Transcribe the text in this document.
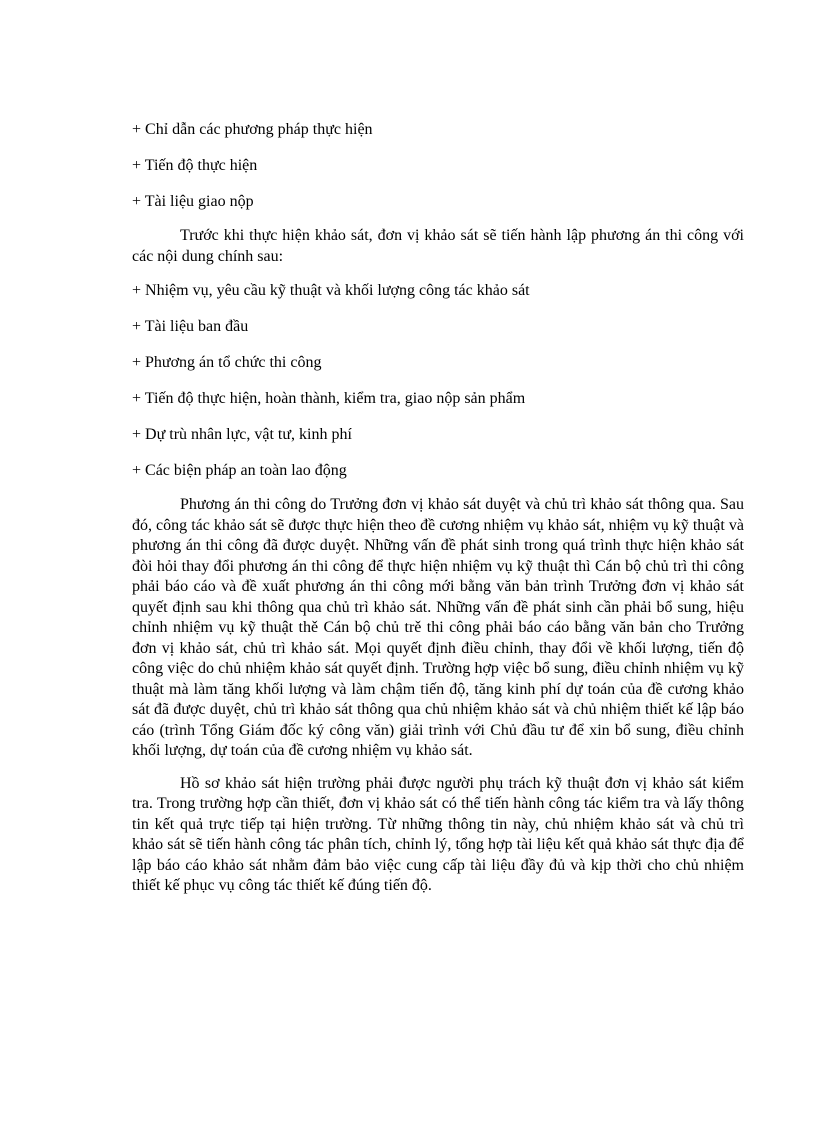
+ Chỉ dẫn các phương pháp thực hiện

+ Tiến độ thực hiện

+ Tài liệu giao nộp

Trước khi thực hiện khảo sát, đơn vị khảo sát sẽ tiến hành lập phương án thi công với các nội dung chính sau:

+ Nhiệm vụ, yêu cầu kỹ thuật và khối lượng công tác khảo sát

+ Tài liệu ban đầu

+ Phương án tổ chức thi công

+ Tiến độ thực hiện, hoàn thành, kiểm tra, giao nộp sản phẩm

+ Dự trù nhân lực, vật tư, kinh phí

+ Các biện pháp an toàn lao động

Phương án thi công do Trưởng đơn vị khảo sát duyệt và chủ trì khảo sát thông qua. Sau đó, công tác khảo sát sẽ được thực hiện theo đề cương nhiệm vụ khảo sát, nhiệm vụ kỹ thuật và phương án thi công đã được duyệt. Những vấn đề phát sinh trong quá trình thực hiện khảo sát đòi hỏi thay đổi phương án thi công để thực hiện nhiệm vụ kỹ thuật thì Cán bộ chủ trì thi công phải báo cáo và đề xuất phương án thi công mới bằng văn bản trình Trưởng đơn vị khảo sát quyết định sau khi thông qua chủ trì khảo sát. Những vấn đề phát sinh cần phải bổ sung, hiệu chỉnh nhiệm vụ kỹ thuật thě Cán bộ chủ trě thi công phải báo cáo bằng văn bản cho Trưởng đơn vị khảo sát, chủ trì khảo sát. Mọi quyết định điều chỉnh, thay đổi về khối lượng, tiến độ công việc do chủ nhiệm khảo sát quyết định. Trường hợp việc bổ sung, điều chỉnh nhiệm vụ kỹ thuật mà làm tăng khối lượng và làm chậm tiến độ, tăng kinh phí dự toán của đề cương khảo sát đã được duyệt, chủ trì khảo sát thông qua chủ nhiệm khảo sát và chủ nhiệm thiết kế lập báo cáo (trình Tổng Giám đốc ký công văn) giải trình với Chủ đầu tư để xin bổ sung, điều chỉnh khối lượng, dự toán của đề cương nhiệm vụ khảo sát.

Hồ sơ khảo sát hiện trường phải được người phụ trách kỹ thuật đơn vị khảo sát kiểm tra. Trong trường hợp cần thiết, đơn vị khảo sát có thể tiến hành công tác kiểm tra và lấy thông tin kết quả trực tiếp tại hiện trường. Từ những thông tin này, chủ nhiệm khảo sát và chủ trì khảo sát sẽ tiến hành công tác phân tích, chỉnh lý, tổng hợp tài liệu kết quả khảo sát thực địa để lập báo cáo khảo sát nhằm đảm bảo việc cung cấp tài liệu đầy đủ và kịp thời cho chủ nhiệm thiết kế phục vụ công tác thiết kế đúng tiến độ.
